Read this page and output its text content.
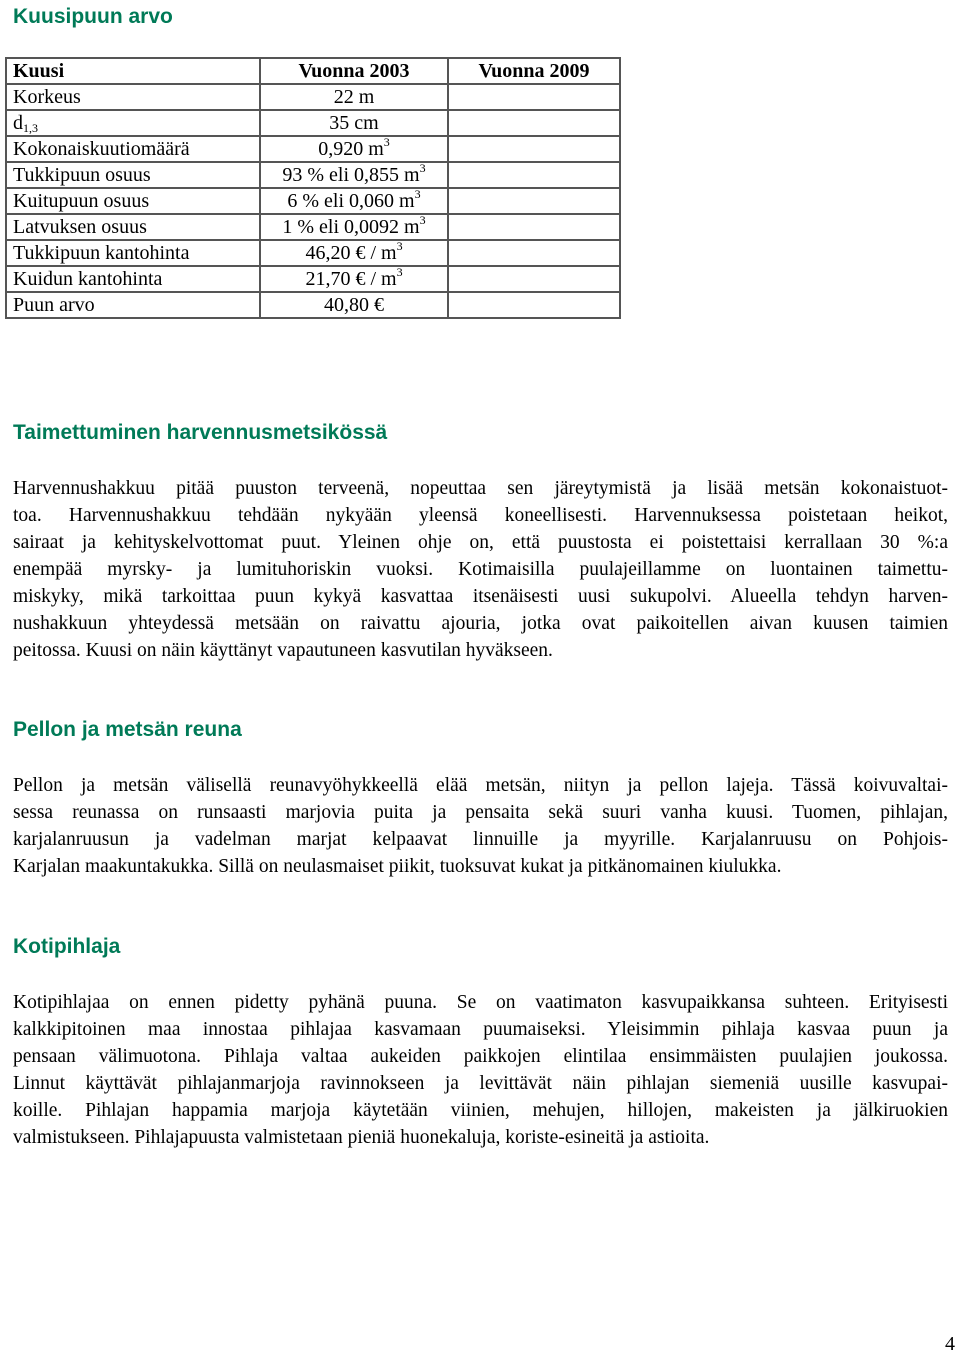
Kuusipuun arvo
Kuusi	Vuonna 2003	Vuonna 2009
Korkeus	22 m	
$d_{1,3}$	35 cm	
Kokonaiskuutiomäärä	0,920 $m^3$	
Tukkipuun osuus	93 % eli 0,855 $m^3$	
Kuitupuun osuus	6 % eli 0,060 $m^3$	
Latvuksen osuus	1 % eli 0,0092 $m^3$	
Tukkipuun kantohinta	46,20 € / $m^3$	
Kuidun kantohinta	21,70 € / $m^3$	
Puun arvo	40,80 €	
Taimettuminen harvennusmetsikössä
Harvennushakkuu pitää puuston terveenä, nopeuttaa sen järeytymistä ja lisää metsän kokonaistuot-
toa. Harvennushakkuu tehdään nykyään yleensä koneellisesti. Harvennuksessa poistetaan heikot,
sairaat ja kehityskelvottomat puut. Yleinen ohje on, että puustosta ei poistettaisi kerrallaan 30 %:a
enempää myrsky- ja lumituhoriskin vuoksi. Kotimaisilla puulajeillamme on luontainen taimettu-
miskyky, mikä tarkoittaa puun kykyä kasvattaa itsenäisesti uusi sukupolvi. Alueella tehdyn harven-
nushakkuun yhteydessä metsään on raivattu ajouria, jotka ovat paikoitellen aivan kuusen taimien
peitossa. Kuusi on näin käyttänyt vapautuneen kasvutilan hyväkseen.
Pellon ja metsän reuna
Pellon ja metsän välisellä reunavyöhykkeellä elää metsän, niityn ja pellon lajeja. Tässä koivuvaltai-
sessa reunassa on runsaasti marjovia puita ja pensaita sekä suuri vanha kuusi. Tuomen, pihlajan,
karjalanruusun ja vadelman marjat kelpaavat linnuille ja myyrille. Karjalanruusu on Pohjois-
Karjalan maakuntakukka. Sillä on neulasmaiset piikit, tuoksuvat kukat ja pitkänomainen kiulukka.
Kotipihlaja
Kotipihlajaa on ennen pidetty pyhänä puuna. Se on vaatimaton kasvupaikkansa suhteen. Erityisesti
kalkkipitoinen maa innostaa pihlajaa kasvamaan puumaiseksi. Yleisimmin pihlaja kasvaa puun ja
pensaan välimuotona. Pihlaja valtaa aukeiden paikkojen elintilaa ensimmäisten puulajien joukossa.
Linnut käyttävät pihlajanmarjoja ravinnokseen ja levittävät näin pihlajan siemeniä uusille kasvupai-
koille. Pihlajan happamia marjoja käytetään viinien, mehujen, hillojen, makeisten ja jälkiruokien
valmistukseen. Pihlajapuusta valmistetaan pieniä huonekaluja, koriste-esineitä ja astioita.
4
